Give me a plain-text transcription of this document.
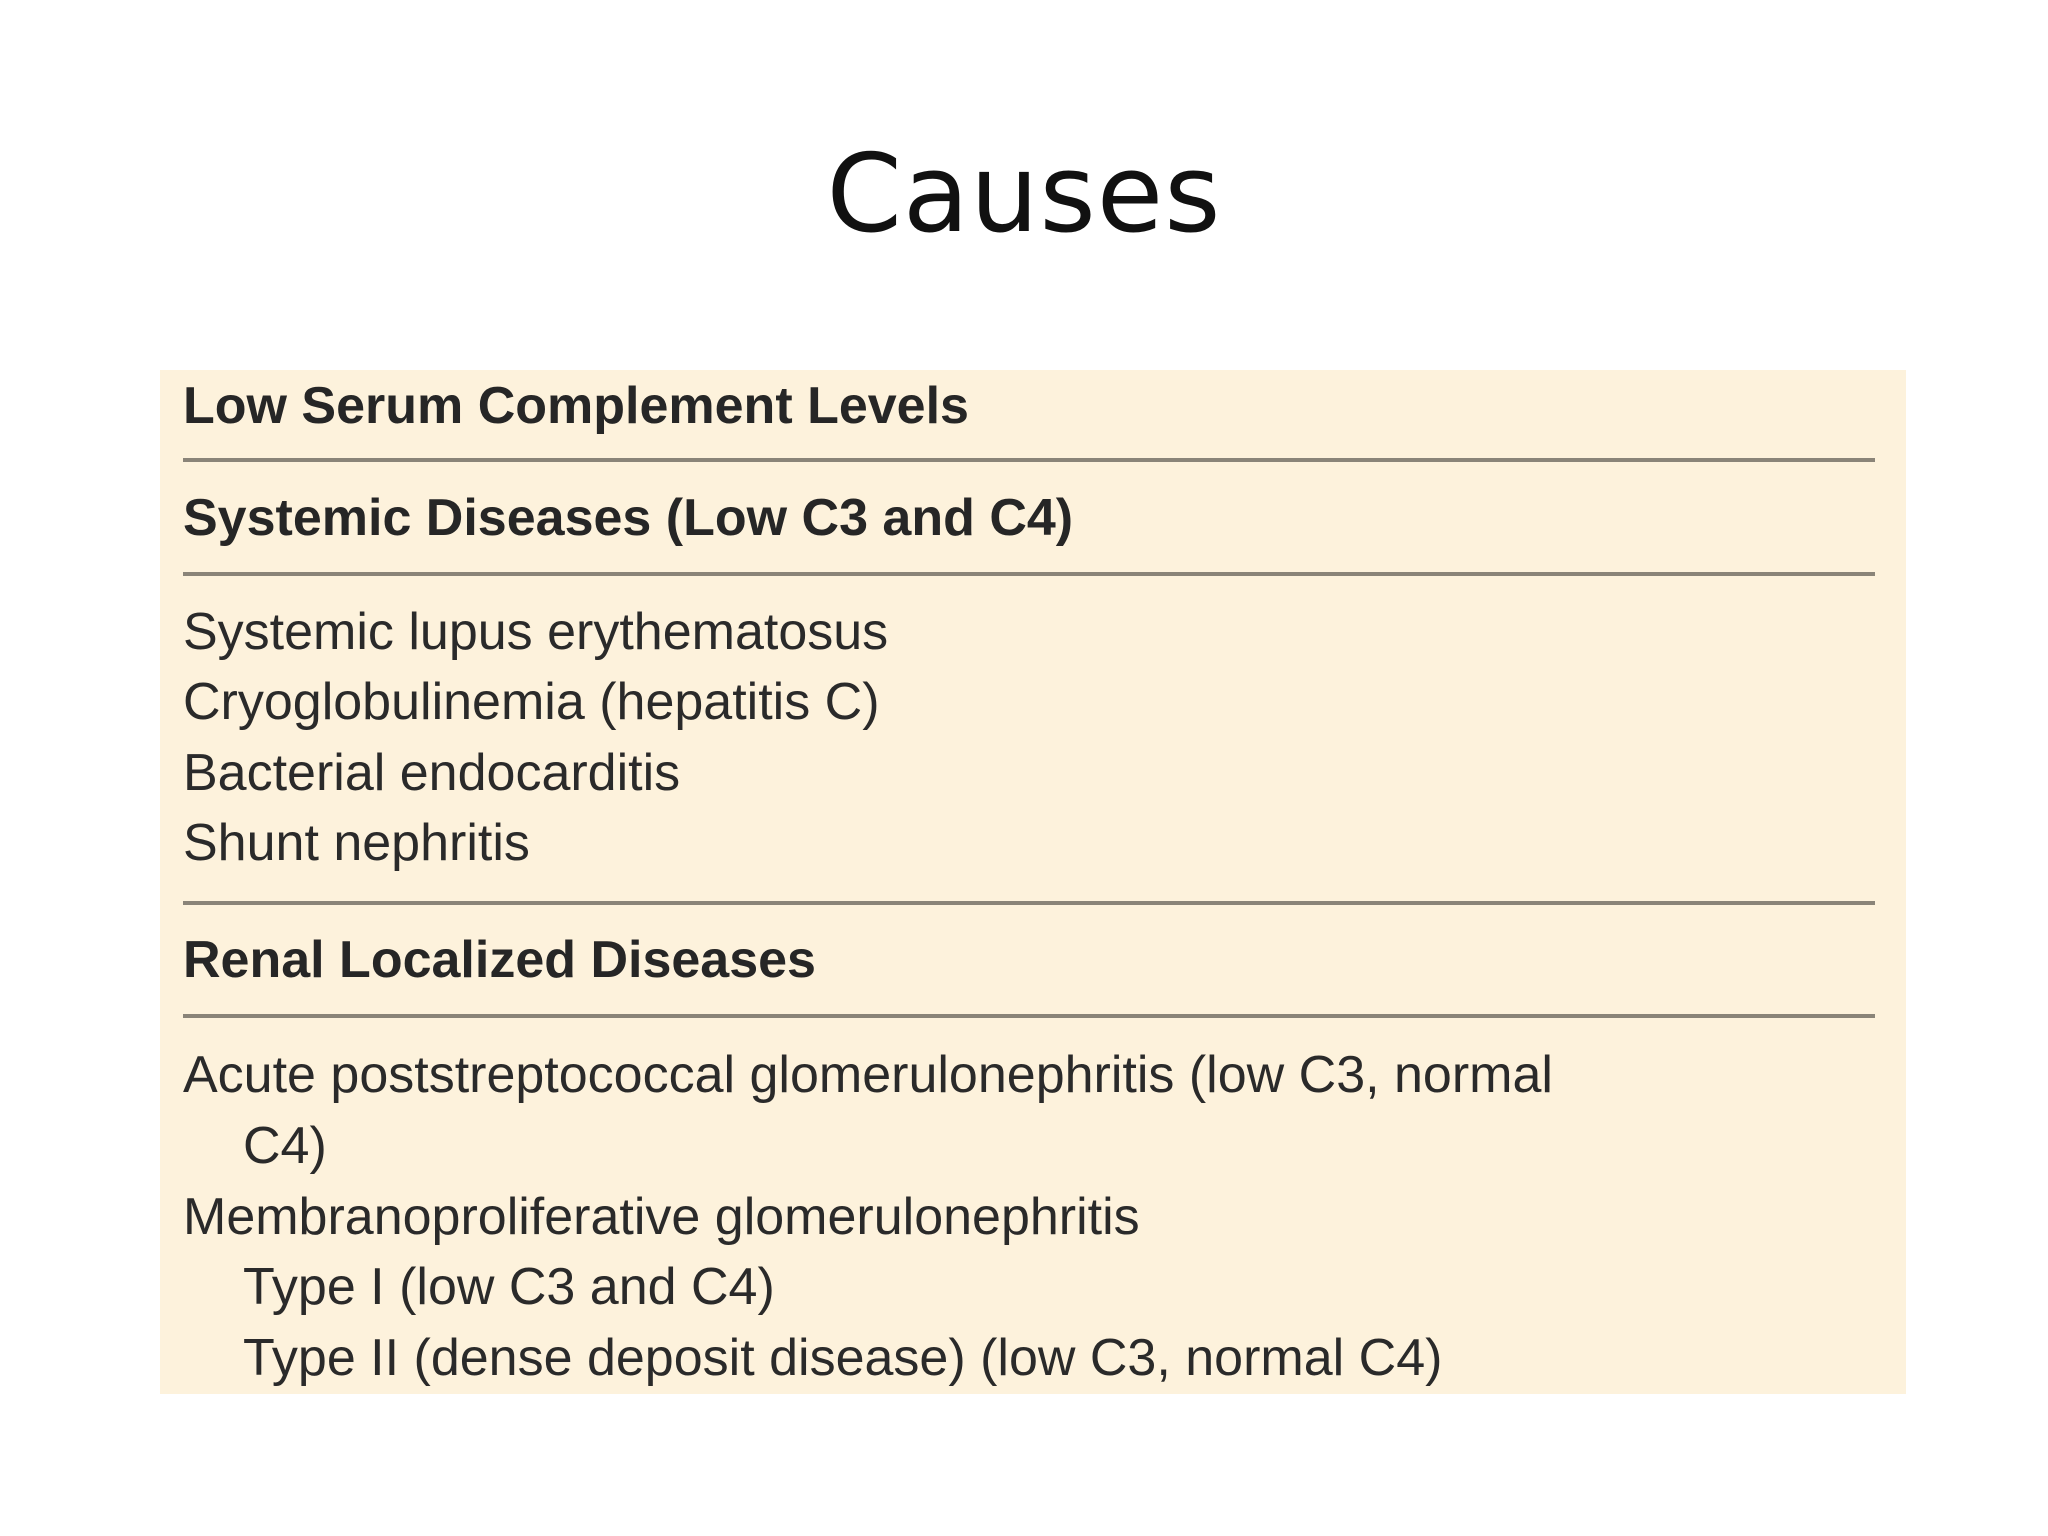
Causes
Low Serum Complement Levels
Systemic Diseases (Low C3 and C4)
Systemic lupus erythematosus
Cryoglobulinemia (hepatitis C)
Bacterial endocarditis
Shunt nephritis
Renal Localized Diseases
Acute poststreptococcal glomerulonephritis (low C3, normal
C4)
Membranoproliferative glomerulonephritis
Type I (low C3 and C4)
Type II (dense deposit disease) (low C3, normal C4)
